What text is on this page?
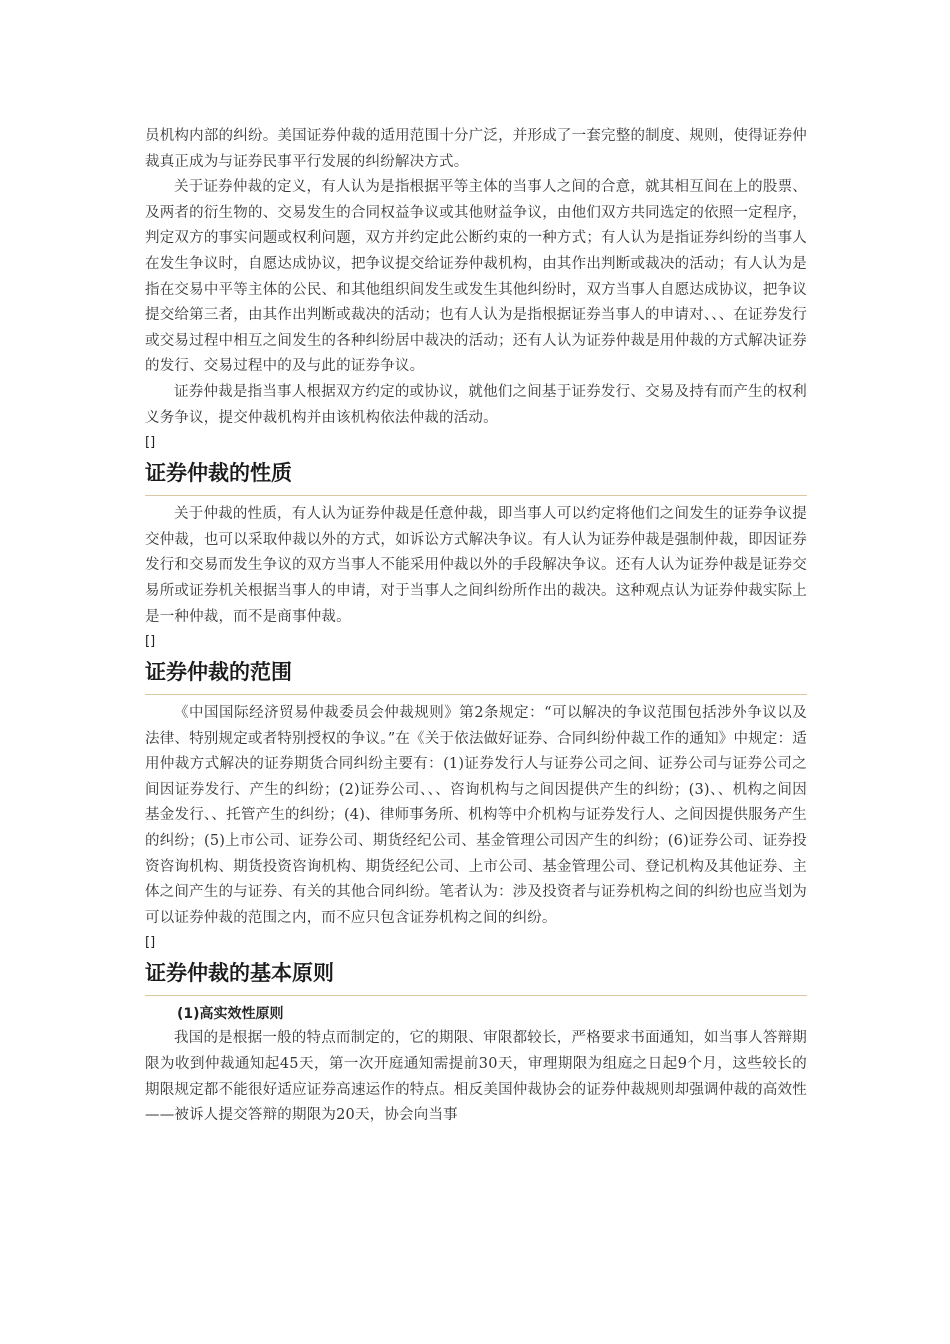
员机构内部的纠纷。美国证券仲裁的适用范围十分广泛，并形成了一套完整的制度、规则，使得证券仲裁真正成为与证券民事平行发展的纠纷解决方式。

关于证券仲裁的定义，有人认为是指根据平等主体的当事人之间的合意，就其相互间在上的股票、及两者的衍生物的、交易发生的合同权益争议或其他财益争议，由他们双方共同选定的依照一定程序，判定双方的事实问题或权利问题，双方并约定此公断约束的一种方式；有人认为是指证券纠纷的当事人在发生争议时，自愿达成协议，把争议提交给证券仲裁机构，由其作出判断或裁决的活动；有人认为是指在交易中平等主体的公民、和其他组织间发生或发生其他纠纷时，双方当事人自愿达成协议，把争议提交给第三者，由其作出判断或裁决的活动；也有人认为是指根据证券当事人的申请对、、、在证券发行或交易过程中相互之间发生的各种纠纷居中裁决的活动；还有人认为证券仲裁是用仲裁的方式解决证券的发行、交易过程中的及与此的证券争议。

证券仲裁是指当事人根据双方约定的或协议，就他们之间基于证券发行、交易及持有而产生的权利义务争议，提交仲裁机构并由该机构依法仲裁的活动。

[]
证券仲裁的性质

关于仲裁的性质，有人认为证券仲裁是任意仲裁，即当事人可以约定将他们之间发生的证券争议提交仲裁，也可以采取仲裁以外的方式，如诉讼方式解决争议。有人认为证券仲裁是强制仲裁，即因证券发行和交易而发生争议的双方当事人不能采用仲裁以外的手段解决争议。还有人认为证券仲裁是证券交易所或证券机关根据当事人的申请，对于当事人之间纠纷所作出的裁决。这种观点认为证券仲裁实际上是一种仲裁，而不是商事仲裁。

[]
证券仲裁的范围

《中国国际经济贸易仲裁委员会仲裁规则》第2条规定：“可以解决的争议范围包括涉外争议以及法律、特别规定或者特别授权的争议。”在《关于依法做好证券、合同纠纷仲裁工作的通知》中规定：适用仲裁方式解决的证券期货合同纠纷主要有：(1)证券发行人与证券公司之间、证券公司与证券公司之间因证券发行、产生的纠纷；(2)证券公司、、、咨询机构与之间因提供产生的纠纷；(3)、、机构之间因基金发行、、托管产生的纠纷；(4)、律师事务所、机构等中介机构与证券发行人、之间因提供服务产生的纠纷；(5)上市公司、证券公司、期货经纪公司、基金管理公司因产生的纠纷；(6)证券公司、证券投资咨询机构、期货投资咨询机构、期货经纪公司、上市公司、基金管理公司、登记机构及其他证券、主体之间产生的与证券、有关的其他合同纠纷。笔者认为：涉及投资者与证券机构之间的纠纷也应当划为可以证券仲裁的范围之内，而不应只包含证券机构之间的纠纷。

[]
证券仲裁的基本原则
(1)高实效性原则

我国的是根据一般的特点而制定的，它的期限、审限都较长，严格要求书面通知，如当事人答辩期限为收到仲裁通知起45天，第一次开庭通知需提前30天，审理期限为组庭之日起9个月，这些较长的期限规定都不能很好适应证券高速运作的特点。相反美国仲裁协会的证券仲裁规则却强调仲裁的高效性——被诉人提交答辩的期限为20天，协会向当事
